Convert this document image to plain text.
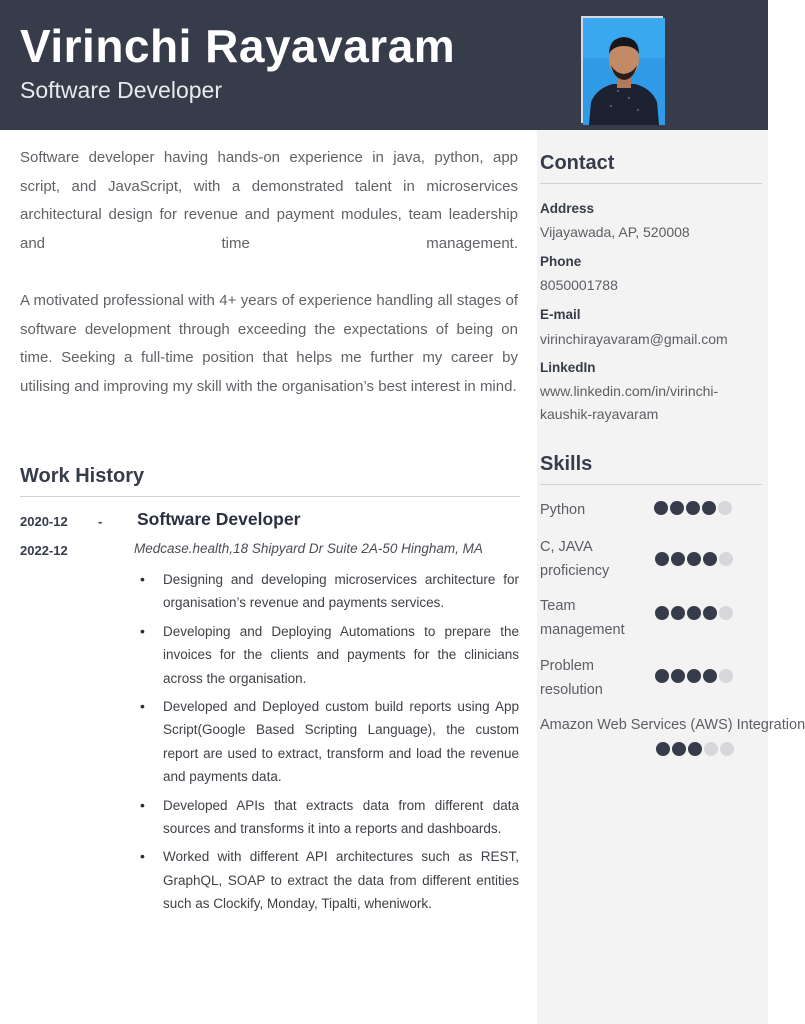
Virinchi Rayavaram
Software Developer

Software developer having hands-on experience in java, python, app script, and JavaScript, with a demonstrated talent in microservices architectural design for revenue and payment modules, team leadership and time management.

A motivated professional with 4+ years of experience handling all stages of software development through exceeding the expectations of being on time. Seeking a full-time position that helps me further my career by utilising and improving my skill with the organisation’s best interest in mind.

Work History
2020-12 -
2022-12
Software Developer
Medcase.health,18 Shipyard Dr Suite 2A-50 Hingham, MA
• Designing and developing microservices architecture for organisation’s revenue and payments services.
• Developing and Deploying Automations to prepare the invoices for the clients and payments for the clinicians across the organisation.
• Developed and Deployed custom build reports using App Script(Google Based Scripting Language), the custom report are used to extract, transform and load the revenue and payments data.
• Developed APIs that extracts data from different data sources and transforms it into a reports and dashboards.
• Worked with different API architectures such as REST, GraphQL, SOAP to extract the data from different entities such as Clockify, Monday, Tipalti, wheniwork.
Contact
Address
Vijayawada, AP, 520008
Phone
8050001788
E-mail
virinchirayavaram@gmail.com
LinkedIn
www.linkedin.com/in/virinchi-
kaushik-rayavaram
Skills
Python
C, JAVA proficiency
Team management
Problem resolution
Amazon Web Services (AWS) Integration
